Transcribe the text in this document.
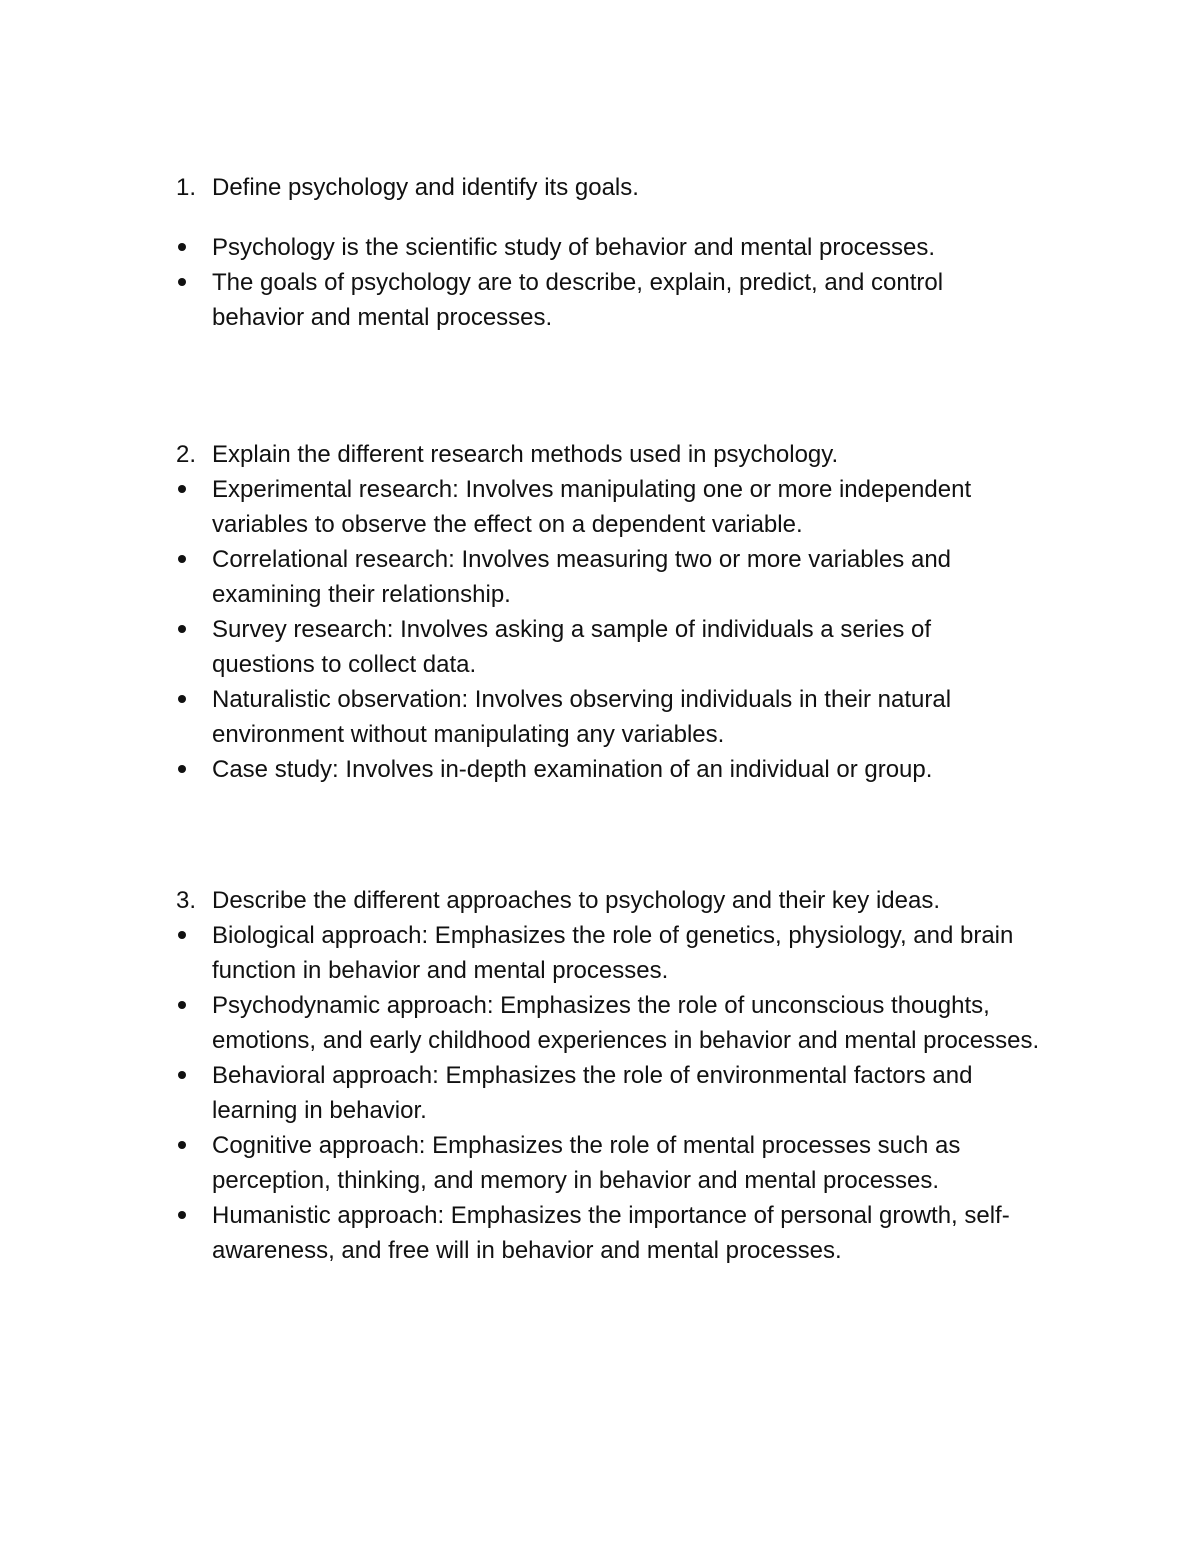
1. Define psychology and identify its goals.
Psychology is the scientific study of behavior and mental processes.
The goals of psychology are to describe, explain, predict, and control behavior and mental processes.
2. Explain the different research methods used in psychology.
Experimental research: Involves manipulating one or more independent variables to observe the effect on a dependent variable.
Correlational research: Involves measuring two or more variables and examining their relationship.
Survey research: Involves asking a sample of individuals a series of questions to collect data.
Naturalistic observation: Involves observing individuals in their natural environment without manipulating any variables.
Case study: Involves in-depth examination of an individual or group.
3. Describe the different approaches to psychology and their key ideas.
Biological approach: Emphasizes the role of genetics, physiology, and brain function in behavior and mental processes.
Psychodynamic approach: Emphasizes the role of unconscious thoughts, emotions, and early childhood experiences in behavior and mental processes.
Behavioral approach: Emphasizes the role of environmental factors and learning in behavior.
Cognitive approach: Emphasizes the role of mental processes such as perception, thinking, and memory in behavior and mental processes.
Humanistic approach: Emphasizes the importance of personal growth, self-awareness, and free will in behavior and mental processes.
